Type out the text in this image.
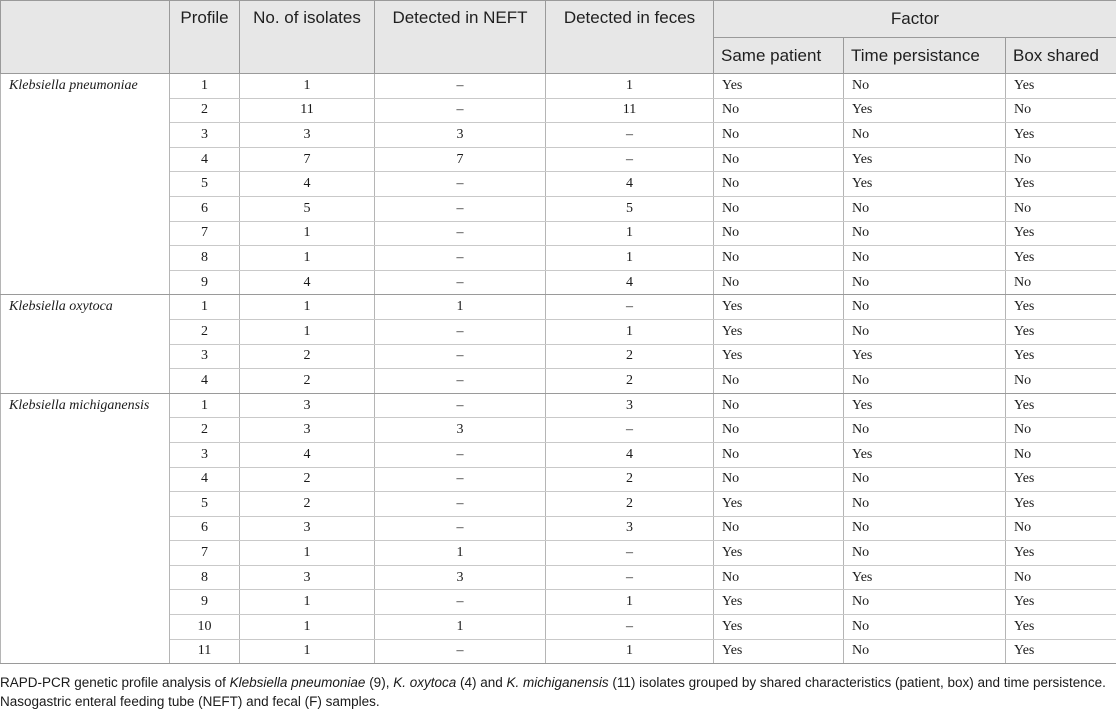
	Profile	No. of isolates	Detected in NEFT	Detected in feces	Factor		
					Same patient	Time persistance	Box shared
Klebsiella pneumoniae	1	1	–	1	Yes	No	Yes
	2	11	–	11	No	Yes	No
	3	3	3	–	No	No	Yes
	4	7	7	–	No	Yes	No
	5	4	–	4	No	Yes	Yes
	6	5	–	5	No	No	No
	7	1	–	1	No	No	Yes
	8	1	–	1	No	No	Yes
	9	4	–	4	No	No	No
Klebsiella oxytoca	1	1	1	–	Yes	No	Yes
	2	1	–	1	Yes	No	Yes
	3	2	–	2	Yes	Yes	Yes
	4	2	–	2	No	No	No
Klebsiella michiganensis	1	3	–	3	No	Yes	Yes
	2	3	3	–	No	No	No
	3	4	–	4	No	Yes	No
	4	2	–	2	No	No	Yes
	5	2	–	2	Yes	No	Yes
	6	3	–	3	No	No	No
	7	1	1	–	Yes	No	Yes
	8	3	3	–	No	Yes	No
	9	1	–	1	Yes	No	Yes
	10	1	1	–	Yes	No	Yes
	11	1	–	1	Yes	No	Yes

RAPD-PCR genetic profile analysis of Klebsiella pneumoniae (9), K. oxytoca (4) and K. michiganensis (11) isolates grouped by shared characteristics (patient, box) and time persistence. Nasogastric enteral feeding tube (NEFT) and fecal (F) samples.
